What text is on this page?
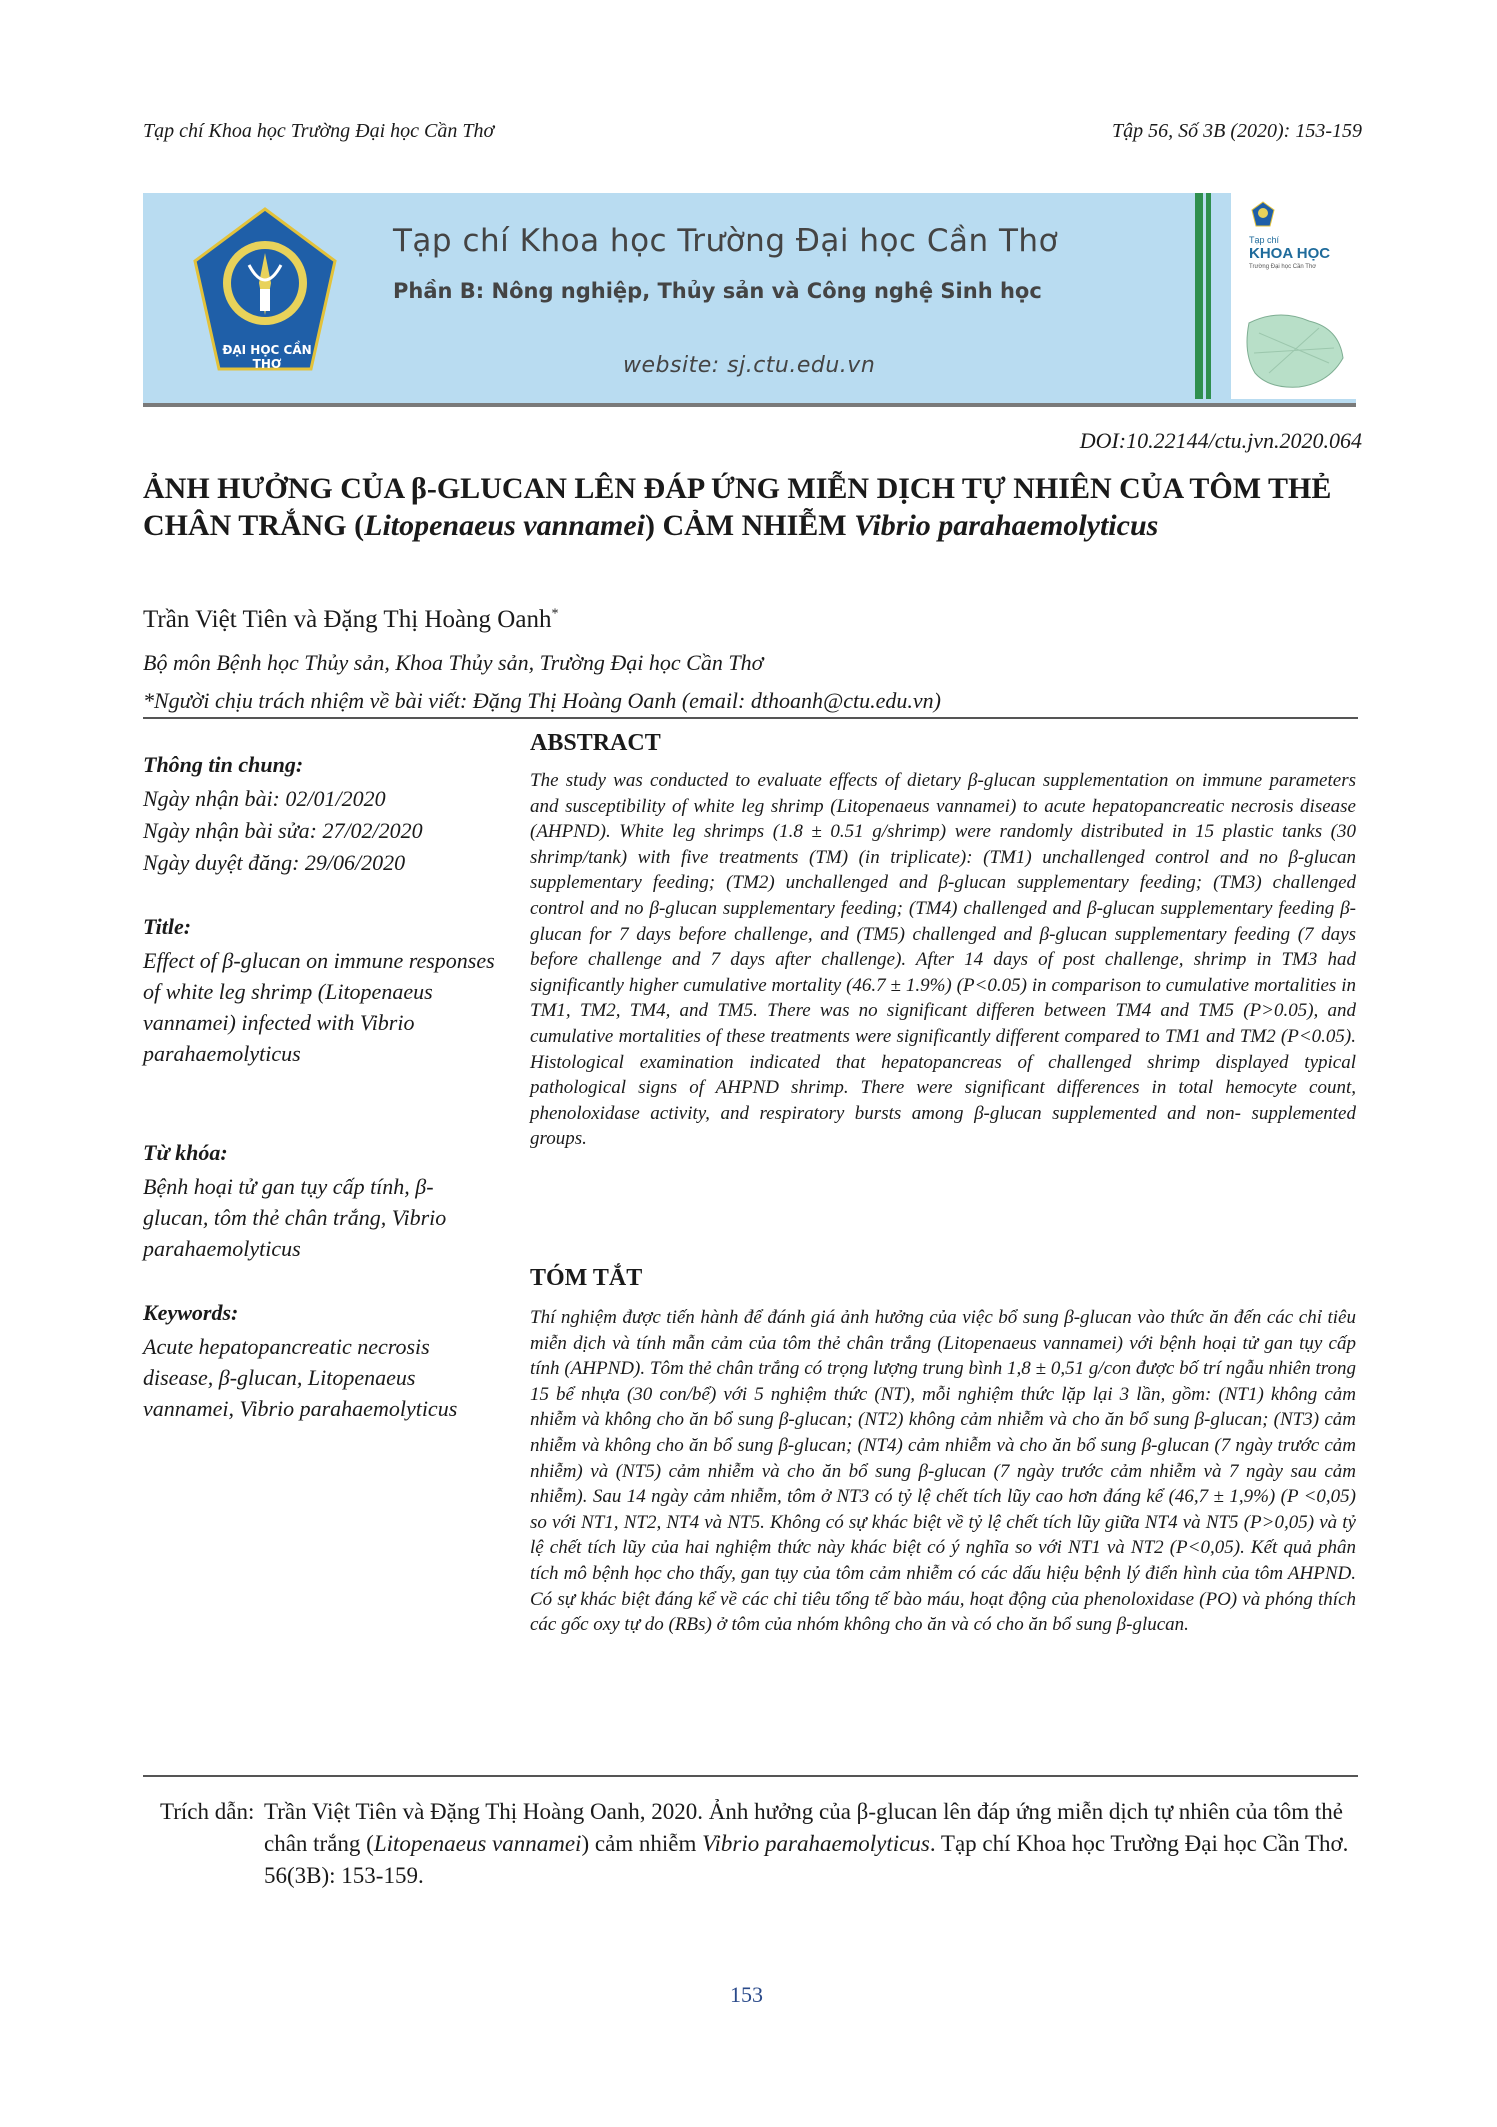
Tạp chí Khoa học Trường Đại học Cần Thơ	Tập 56, Số 3B (2020): 153-159
ĐẠI HỌC CẦN THƠ
Tạp chí Khoa học Trường Đại học Cần Thơ
Phần B: Nông nghiệp, Thủy sản và Công nghệ Sinh học
website: sj.ctu.edu.vn
Tạp chí
KHOA HỌC
Trường Đại học Cần Thơ
DOI:10.22144/ctu.jvn.2020.064
ẢNH HƯỞNG CỦA β-GLUCAN LÊN ĐÁP ỨNG MIỄN DỊCH TỰ NHIÊN CỦA TÔM THẺ CHÂN TRẮNG (Litopenaeus vannamei) CẢM NHIỄM Vibrio parahaemolyticus
Trần Việt Tiên và Đặng Thị Hoàng Oanh*
Bộ môn Bệnh học Thủy sản, Khoa Thủy sản, Trường Đại học Cần Thơ
*Người chịu trách nhiệm về bài viết: Đặng Thị Hoàng Oanh (email: dthoanh@ctu.edu.vn)
Thông tin chung:
Ngày nhận bài: 02/01/2020
Ngày nhận bài sửa: 27/02/2020
Ngày duyệt đăng: 29/06/2020
Title:
Effect of β-glucan on immune responses of white leg shrimp (Litopenaeus vannamei) infected with Vibrio parahaemolyticus
Từ khóa:
Bệnh hoại tử gan tụy cấp tính, β-glucan, tôm thẻ chân trắng, Vibrio parahaemolyticus
Keywords:
Acute hepatopancreatic necrosis disease, β-glucan, Litopenaeus vannamei, Vibrio parahaemolyticus
ABSTRACT
The study was conducted to evaluate effects of dietary β-glucan supplementation on immune parameters and susceptibility of white leg shrimp (Litopenaeus vannamei) to acute hepatopancreatic necrosis disease (AHPND). White leg shrimps (1.8 ± 0.51 g/shrimp) were randomly distributed in 15 plastic tanks (30 shrimp/tank) with five treatments (TM) (in triplicate): (TM1) unchallenged control and no β-glucan supplementary feeding; (TM2) unchallenged and β-glucan supplementary feeding; (TM3) challenged control and no β-glucan supplementary feeding; (TM4) challenged and β-glucan supplementary feeding β-glucan for 7 days before challenge, and (TM5) challenged and β-glucan supplementary feeding (7 days before challenge and 7 days after challenge). After 14 days of post challenge, shrimp in TM3 had significantly higher cumulative mortality (46.7 ± 1.9%) (P<0.05) in comparison to cumulative mortalities in TM1, TM2, TM4, and TM5. There was no significant differen between TM4 and TM5 (P>0.05), and cumulative mortalities of these treatments were significantly different compared to TM1 and TM2 (P<0.05). Histological examination indicated that hepatopancreas of challenged shrimp displayed typical pathological signs of AHPND shrimp. There were significant differences in total hemocyte count, phenoloxidase activity, and respiratory bursts among β-glucan supplemented and non- supplemented groups.
TÓM TẮT
Thí nghiệm được tiến hành để đánh giá ảnh hưởng của việc bổ sung β-glucan vào thức ăn đến các chỉ tiêu miễn dịch và tính mẫn cảm của tôm thẻ chân trắng (Litopenaeus vannamei) với bệnh hoại tử gan tụy cấp tính (AHPND). Tôm thẻ chân trắng có trọng lượng trung bình 1,8 ± 0,51 g/con được bố trí ngẫu nhiên trong 15 bể nhựa (30 con/bể) với 5 nghiệm thức (NT), mỗi nghiệm thức lặp lại 3 lần, gồm: (NT1) không cảm nhiễm và không cho ăn bổ sung β-glucan; (NT2) không cảm nhiễm và cho ăn bổ sung β-glucan; (NT3) cảm nhiễm và không cho ăn bổ sung β-glucan; (NT4) cảm nhiễm và cho ăn bổ sung β-glucan (7 ngày trước cảm nhiễm) và (NT5) cảm nhiễm và cho ăn bổ sung β-glucan (7 ngày trước cảm nhiễm và 7 ngày sau cảm nhiễm). Sau 14 ngày cảm nhiễm, tôm ở NT3 có tỷ lệ chết tích lũy cao hơn đáng kể (46,7 ± 1,9%) (P <0,05) so với NT1, NT2, NT4 và NT5. Không có sự khác biệt về tỷ lệ chết tích lũy giữa NT4 và NT5 (P>0,05) và tỷ lệ chết tích lũy của hai nghiệm thức này khác biệt có ý nghĩa so với NT1 và NT2 (P<0,05). Kết quả phân tích mô bệnh học cho thấy, gan tụy của tôm cảm nhiễm có các dấu hiệu bệnh lý điển hình của tôm AHPND. Có sự khác biệt đáng kể về các chỉ tiêu tổng tế bào máu, hoạt động của phenoloxidase (PO) và phóng thích các gốc oxy tự do (RBs) ở tôm của nhóm không cho ăn và có cho ăn bổ sung β-glucan.
Trích dẫn: Trần Việt Tiên và Đặng Thị Hoàng Oanh, 2020. Ảnh hưởng của β-glucan lên đáp ứng miễn dịch tự nhiên của tôm thẻ chân trắng (Litopenaeus vannamei) cảm nhiễm Vibrio parahaemolyticus. Tạp chí Khoa học Trường Đại học Cần Thơ. 56(3B): 153-159.
153
